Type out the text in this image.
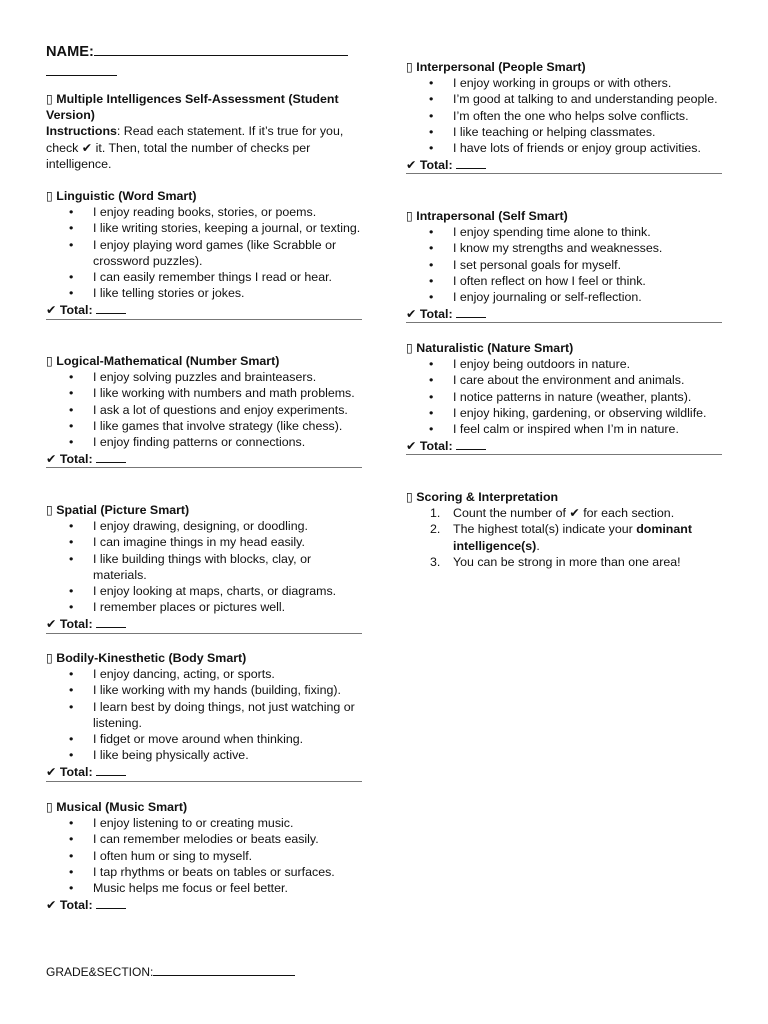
NAME:
▯ Multiple Intelligences Self-Assessment (Student Version)
Instructions: Read each statement. If it’s true for you, check ✔ it. Then, total the number of checks per intelligence.
▯ Linguistic (Word Smart)
• I enjoy reading books, stories, or poems.
• I like writing stories, keeping a journal, or texting.
• I enjoy playing word games (like Scrabble or crossword puzzles).
• I can easily remember things I read or hear.
• I like telling stories or jokes.
✔ Total:
▯ Logical-Mathematical (Number Smart)
• I enjoy solving puzzles and brainteasers.
• I like working with numbers and math problems.
• I ask a lot of questions and enjoy experiments.
• I like games that involve strategy (like chess).
• I enjoy finding patterns or connections.
✔ Total:
▯ Spatial (Picture Smart)
• I enjoy drawing, designing, or doodling.
• I can imagine things in my head easily.
• I like building things with blocks, clay, or materials.
• I enjoy looking at maps, charts, or diagrams.
• I remember places or pictures well.
✔ Total:
▯ Bodily-Kinesthetic (Body Smart)
• I enjoy dancing, acting, or sports.
• I like working with my hands (building, fixing).
• I learn best by doing things, not just watching or listening.
• I fidget or move around when thinking.
• I like being physically active.
✔ Total:
▯ Musical (Music Smart)
• I enjoy listening to or creating music.
• I can remember melodies or beats easily.
• I often hum or sing to myself.
• I tap rhythms or beats on tables or surfaces.
• Music helps me focus or feel better.
✔ Total:
▯ Interpersonal (People Smart)
• I enjoy working in groups or with others.
• I’m good at talking to and understanding people.
• I’m often the one who helps solve conflicts.
• I like teaching or helping classmates.
• I have lots of friends or enjoy group activities.
✔ Total:
▯ Intrapersonal (Self Smart)
• I enjoy spending time alone to think.
• I know my strengths and weaknesses.
• I set personal goals for myself.
• I often reflect on how I feel or think.
• I enjoy journaling or self-reflection.
✔ Total:
▯ Naturalistic (Nature Smart)
• I enjoy being outdoors in nature.
• I care about the environment and animals.
• I notice patterns in nature (weather, plants).
• I enjoy hiking, gardening, or observing wildlife.
• I feel calm or inspired when I’m in nature.
✔ Total:
▯ Scoring & Interpretation
1. Count the number of ✔ for each section.
2. The highest total(s) indicate your dominant intelligence(s).
3. You can be strong in more than one area!
GRADE&SECTION:
